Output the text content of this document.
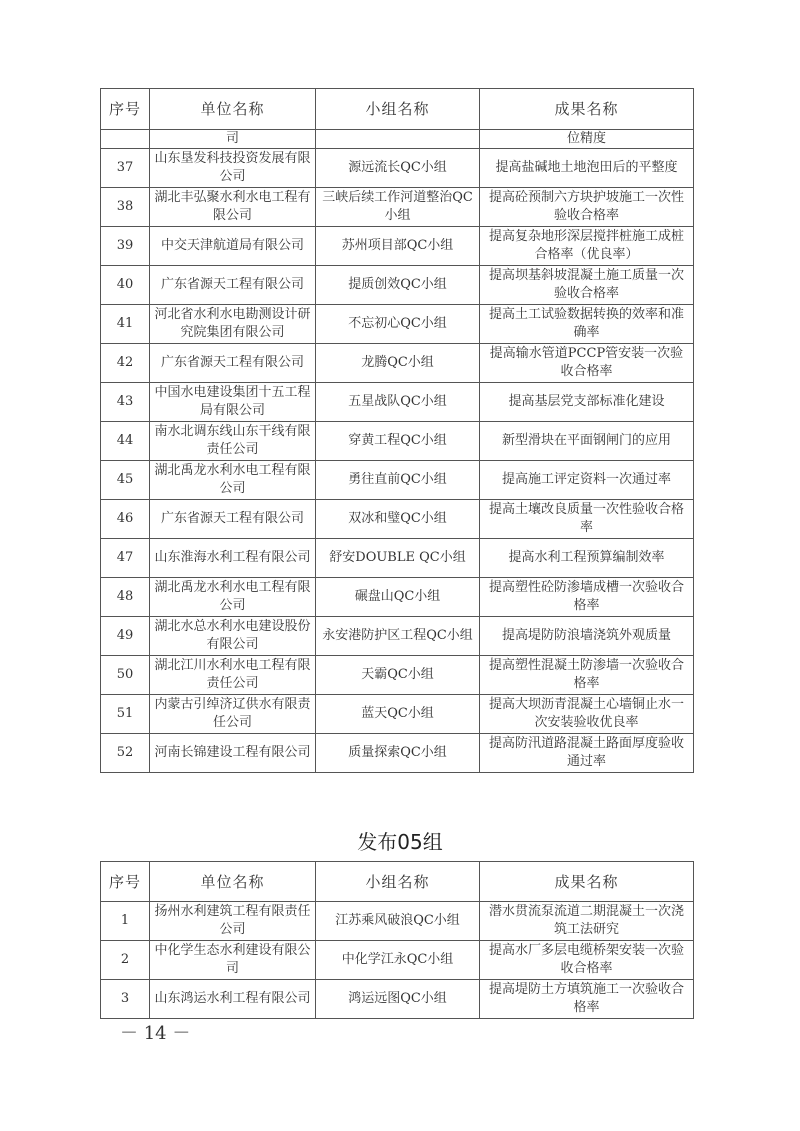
序号	单位名称	小组名称	成果名称
	司		位精度
37	山东垦发科技投资发展有限公司	源远流长QC小组	提高盐碱地土地泡田后的平整度
38	湖北丰弘聚水利水电工程有限公司	三峡后续工作河道整治QC小组	提高砼预制六方块护坡施工一次性验收合格率
39	中交天津航道局有限公司	苏州项目部QC小组	提高复杂地形深层搅拌桩施工成桩合格率（优良率）
40	广东省源天工程有限公司	提质创效QC小组	提高坝基斜坡混凝土施工质量一次验收合格率
41	河北省水利水电勘测设计研究院集团有限公司	不忘初心QC小组	提高土工试验数据转换的效率和准确率
42	广东省源天工程有限公司	龙腾QC小组	提高输水管道PCCP管安装一次验收合格率
43	中国水电建设集团十五工程局有限公司	五星战队QC小组	提高基层党支部标准化建设
44	南水北调东线山东干线有限责任公司	穿黄工程QC小组	新型滑块在平面钢闸门的应用
45	湖北禹龙水利水电工程有限公司	勇往直前QC小组	提高施工评定资料一次通过率
46	广东省源天工程有限公司	双冰和璧QC小组	提高土壤改良质量一次性验收合格率
47	山东淮海水利工程有限公司	舒安DOUBLE QC小组	提高水利工程预算编制效率
48	湖北禹龙水利水电工程有限公司	碾盘山QC小组	提高塑性砼防渗墙成槽一次验收合格率
49	湖北水总水利水电建设股份有限公司	永安港防护区工程QC小组	提高堤防防浪墙浇筑外观质量
50	湖北江川水利水电工程有限责任公司	天霸QC小组	提高塑性混凝土防渗墙一次验收合格率
51	内蒙古引绰济辽供水有限责任公司	蓝天QC小组	提高大坝沥青混凝土心墙铜止水一次安装验收优良率
52	河南长锦建设工程有限公司	质量探索QC小组	提高防汛道路混凝土路面厚度验收通过率
发布05组
序号	单位名称	小组名称	成果名称
1	扬州水利建筑工程有限责任公司	江苏乘风破浪QC小组	潜水贯流泵流道二期混凝土一次浇筑工法研究
2	中化学生态水利建设有限公司	中化学江永QC小组	提高水厂多层电缆桥架安装一次验收合格率
3	山东鸿运水利工程有限公司	鸿运远图QC小组	提高堤防土方填筑施工一次验收合格率
－ 14 －
